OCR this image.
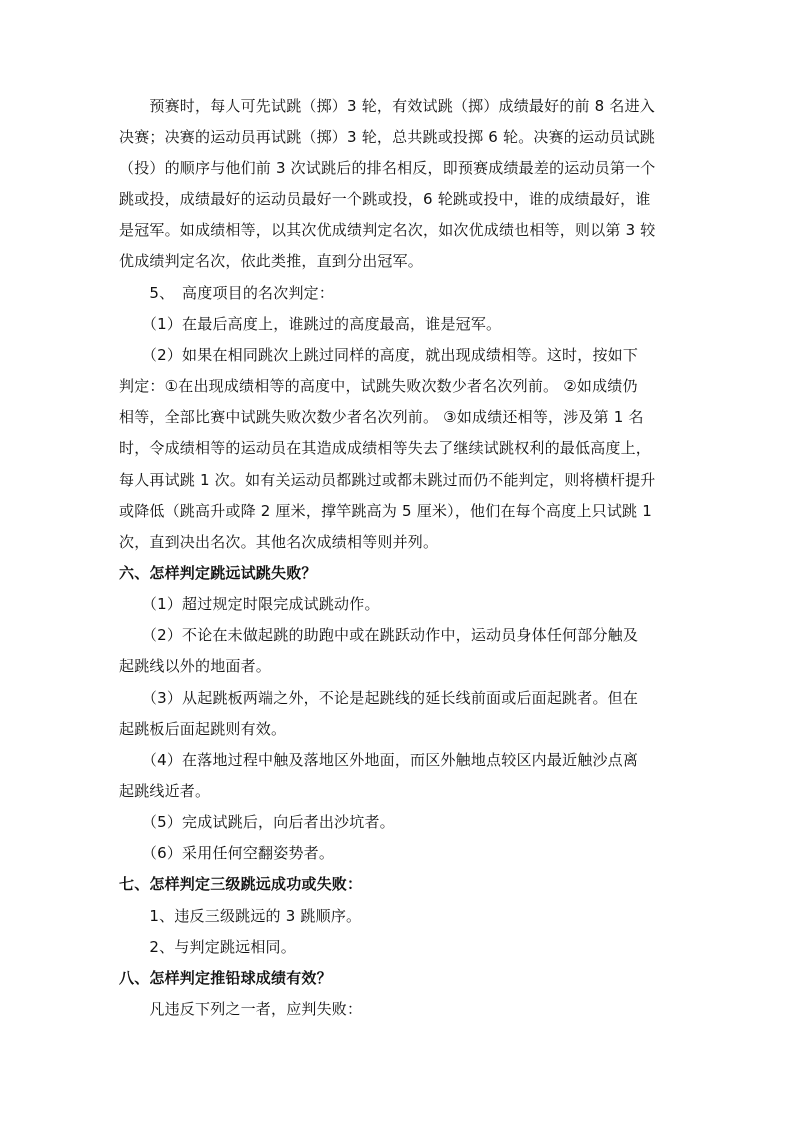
　　预赛时，每人可先试跳（掷）3 轮，有效试跳（掷）成绩最好的前 8 名进入
决赛；决赛的运动员再试跳（掷）3 轮，总共跳或投掷 6 轮。决赛的运动员试跳
（投）的顺序与他们前 3 次试跳后的排名相反，即预赛成绩最差的运动员第一个
跳或投，成绩最好的运动员最好一个跳或投，6 轮跳或投中，谁的成绩最好，谁
是冠军。如成绩相等，以其次优成绩判定名次，如次优成绩也相等，则以第 3 较
优成绩判定名次，依此类推，直到分出冠军。
　　5、　高度项目的名次判定：
　　（1）在最后高度上，谁跳过的高度最高，谁是冠军。
　　（2）如果在相同跳次上跳过同样的高度，就出现成绩相等。这时，按如下
判定：①在出现成绩相等的高度中，试跳失败次数少者名次列前。 ②如成绩仍
相等，全部比赛中试跳失败次数少者名次列前。 ③如成绩还相等，涉及第 1 名
时，令成绩相等的运动员在其造成成绩相等失去了继续试跳权利的最低高度上，
每人再试跳 1 次。如有关运动员都跳过或都未跳过而仍不能判定，则将横杆提升
或降低（跳高升或降 2 厘米，撑竿跳高为 5 厘米），他们在每个高度上只试跳 1
次，直到决出名次。其他名次成绩相等则并列。
六、怎样判定跳远试跳失败？
　　（1）超过规定时限完成试跳动作。
　　（2）不论在未做起跳的助跑中或在跳跃动作中，运动员身体任何部分触及
起跳线以外的地面者。
　　（3）从起跳板两端之外，不论是起跳线的延长线前面或后面起跳者。但在
起跳板后面起跳则有效。
　　（4）在落地过程中触及落地区外地面，而区外触地点较区内最近触沙点离
起跳线近者。
　　（5）完成试跳后，向后者出沙坑者。
　　（6）采用任何空翻姿势者。
七、怎样判定三级跳远成功或失败：
　　1、违反三级跳远的 3 跳顺序。
　　2、与判定跳远相同。
八、怎样判定推铅球成绩有效？
　　凡违反下列之一者，应判失败：
